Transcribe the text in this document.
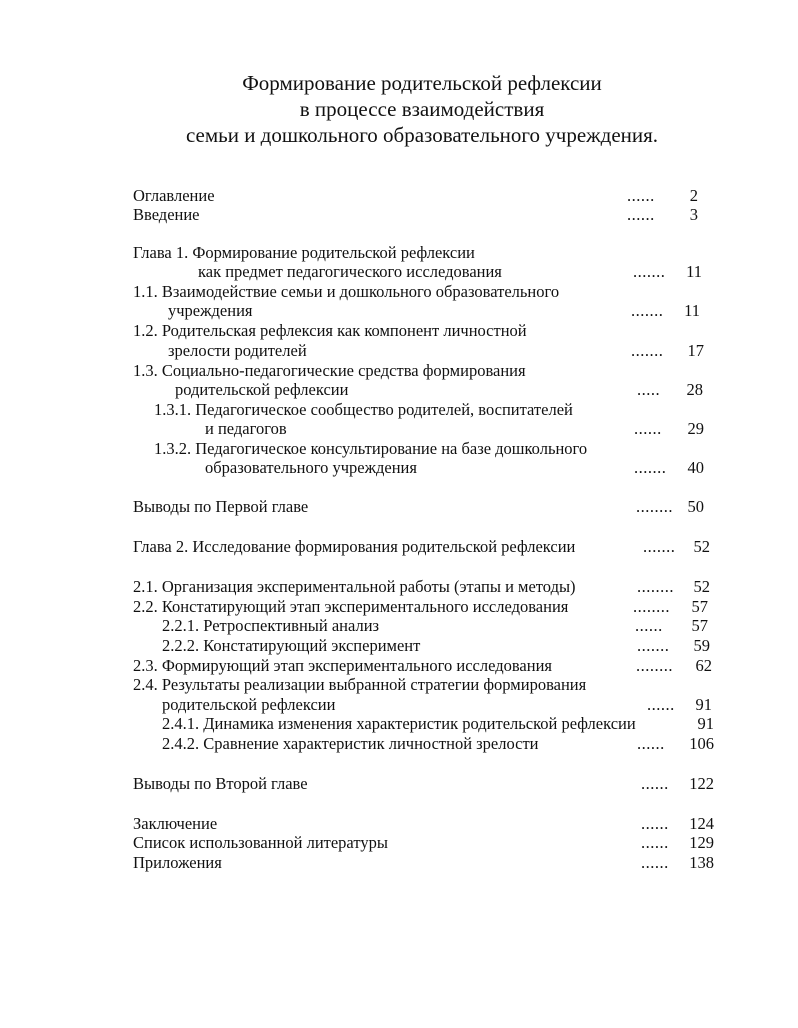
Формирование родительской рефлексии
в процессе взаимодействия
семьи и дошкольного образовательного учреждения.
Оглавление	......	2
Введение	......	3
Глава 1. Формирование родительской рефлексии
как предмет педагогического исследования	.......	11
1.1. Взаимодействие семьи и дошкольного образовательного
учреждения	.......	11
1.2. Родительская рефлексия как компонент личностной
зрелости родителей	.......	17
1.3. Социально-педагогические средства формирования
родительской рефлексии	.....	28
1.3.1. Педагогическое сообщество родителей, воспитателей
и педагогов	......	29
1.3.2. Педагогическое консультирование на базе дошкольного
образовательного учреждения	.......	40
Выводы по Первой главе	........ 50
Глава 2. Исследование формирования родительской рефлексии	.......	52
2.1. Организация экспериментальной работы (этапы и методы)	........	52
2.2. Констатирующий этап экспериментального исследования	........	57
2.2.1. Ретроспективный анализ	......	57
2.2.2. Констатирующий эксперимент	.......	59
2.3. Формирующий этап экспериментального исследования	........	62
2.4. Результаты реализации выбранной стратегии формирования
родительской рефлексии	......	91
2.4.1. Динамика изменения характеристик родительской рефлексии	91
2.4.2. Сравнение характеристик личностной зрелости	......	106
Выводы по Второй главе	......	122
Заключение	......	124
Список использованной литературы	......	129
Приложения	......	138
